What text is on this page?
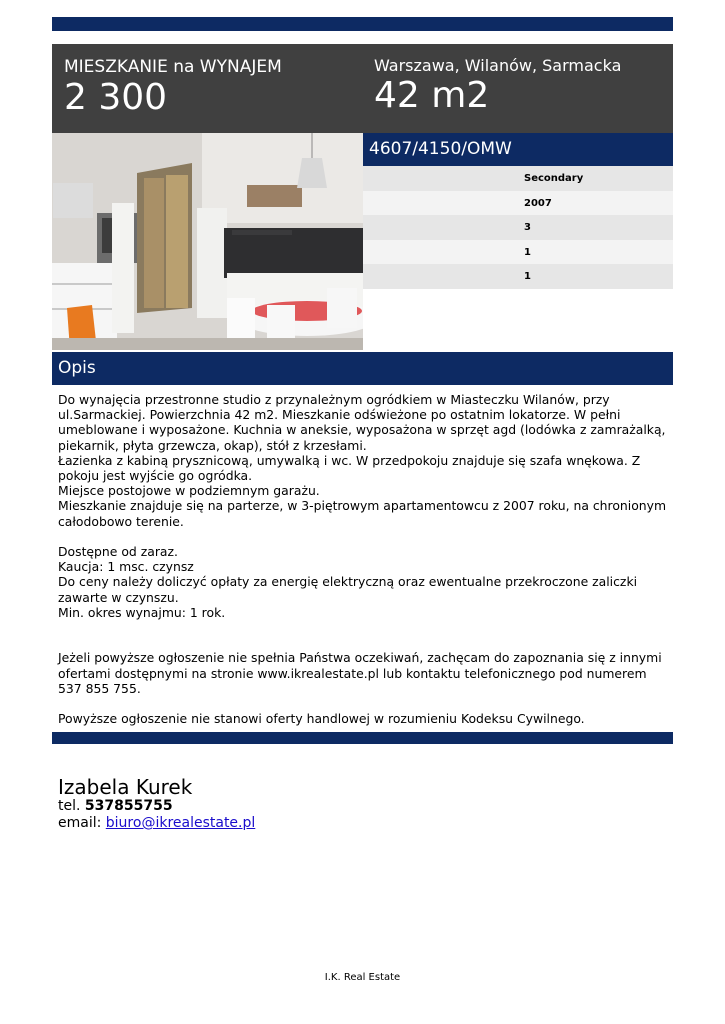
MIESZKANIE na WYNAJEM
2 300
Warszawa, Wilanów, Sarmacka
42 m2
4607/4150/OMW
Secondary
2007
3
1
1
Opis

Do wynajęcia przestronne studio z przynależnym ogródkiem w Miasteczku Wilanów, przy ul.Sarmackiej. Powierzchnia 42 m2. Mieszkanie odświeżone po ostatnim lokatorze. W pełni umeblowane i wyposażone. Kuchnia w aneksie, wyposażona w sprzęt agd (lodówka z zamrażalką, piekarnik, płyta grzewcza, okap), stół z krzesłami.

Łazienka z kabiną prysznicową, umywalką i wc. W przedpokoju znajduje się szafa wnękowa. Z pokoju jest wyjście go ogródka.

Miejsce postojowe w podziemnym garażu.

Mieszkanie znajduje się na parterze, w 3-piętrowym apartamentowcu z 2007 roku, na chronionym całodobowo terenie.

Dostępne od zaraz.

Kaucja: 1 msc. czynsz

Do ceny należy doliczyć opłaty za energię elektryczną oraz ewentualne przekroczone zaliczki zawarte w czynszu.

Min. okres wynajmu: 1 rok.

Jeżeli powyższe ogłoszenie nie spełnia Państwa oczekiwań, zachęcam do zapoznania się z innymi ofertami dostępnymi na stronie www.ikrealestate.pl lub kontaktu telefonicznego pod numerem 537 855 755.

Powyższe ogłoszenie nie stanowi oferty handlowej w rozumieniu Kodeksu Cywilnego.

Izabela Kurek
tel. 537855755
email: biuro@ikrealestate.pl
I.K. Real Estate
